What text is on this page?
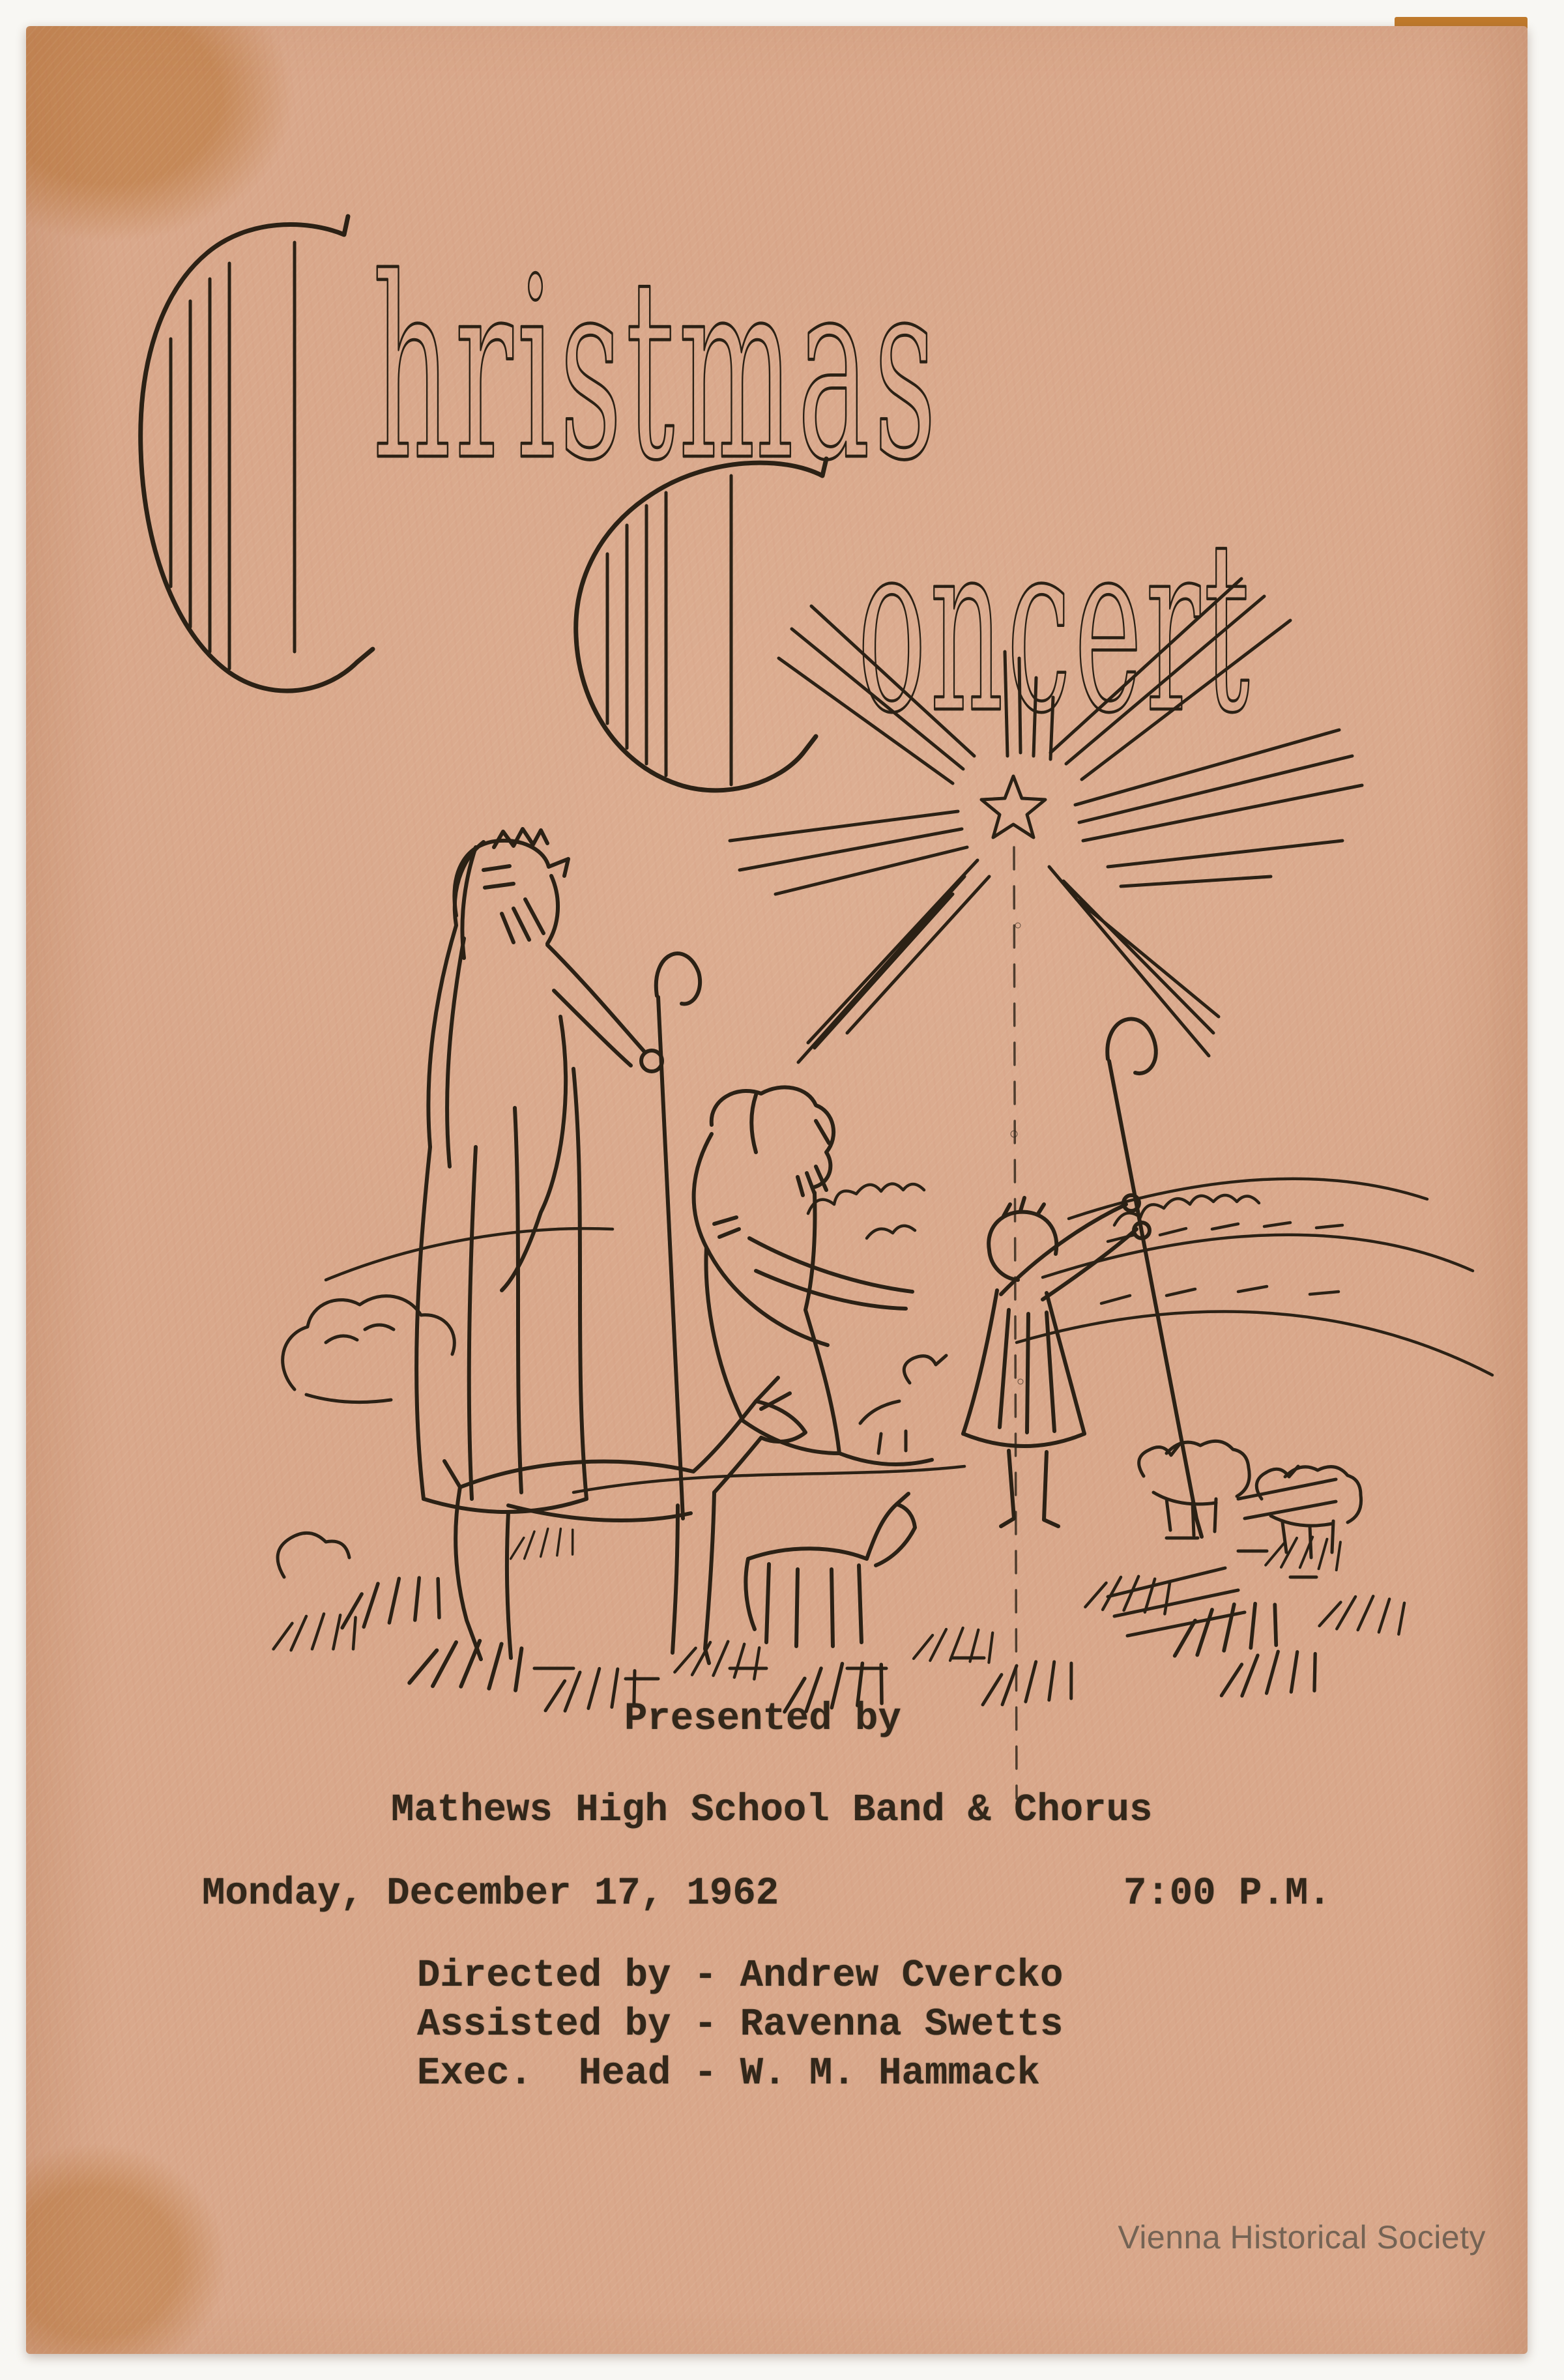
hristmas
oncert
Presented by
Mathews High School Band & Chorus
Monday, December 17, 1962	7:00 P.M.
Directed by - Andrew Cvercko
Assisted by - Ravenna Swetts
Exec.  Head - W. M. Hammack
Vienna Historical Society
